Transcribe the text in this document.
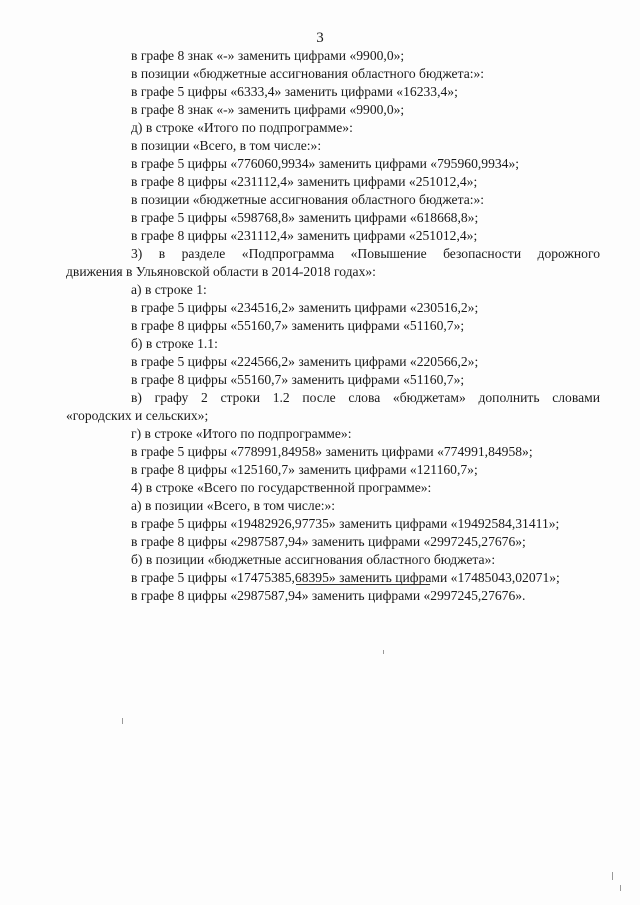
3
в графе 8 знак «-» заменить цифрами «9900,0»;
в позиции «бюджетные ассигнования областного бюджета:»:
в графе 5 цифры «6333,4» заменить цифрами «16233,4»;
в графе 8 знак «-» заменить цифрами «9900,0»;
д) в строке «Итого по подпрограмме»:
в позиции «Всего, в том числе:»:
в графе 5 цифры «776060,9934» заменить цифрами «795960,9934»;
в графе 8 цифры «231112,4» заменить цифрами «251012,4»;
в позиции «бюджетные ассигнования областного бюджета:»:
в графе 5 цифры «598768,8» заменить цифрами «618668,8»;
в графе 8 цифры «231112,4» заменить цифрами «251012,4»;
3) в разделе «Подпрограмма «Повышение безопасности дорожного
движения в Ульяновской области в 2014-2018 годах»:
а) в строке 1:
в графе 5 цифры «234516,2» заменить цифрами «230516,2»;
в графе 8 цифры «55160,7» заменить цифрами «51160,7»;
б) в строке 1.1:
в графе 5 цифры «224566,2» заменить цифрами «220566,2»;
в графе 8 цифры «55160,7» заменить цифрами «51160,7»;
в) графу 2 строки 1.2 после слова «бюджетам» дополнить словами
«городских и сельских»;
г) в строке «Итого по подпрограмме»:
в графе 5 цифры «778991,84958» заменить цифрами «774991,84958»;
в графе 8 цифры «125160,7» заменить цифрами «121160,7»;
4) в строке «Всего по государственной программе»:
а) в позиции «Всего, в том числе:»:
в графе 5 цифры «19482926,97735» заменить цифрами «19492584,31411»;
в графе 8 цифры «2987587,94» заменить цифрами «2997245,27676»;
б) в позиции «бюджетные ассигнования областного бюджета»:
в графе 5 цифры «17475385,68395» заменить цифрами «17485043,02071»;
в графе 8 цифры «2987587,94» заменить цифрами «2997245,27676».
